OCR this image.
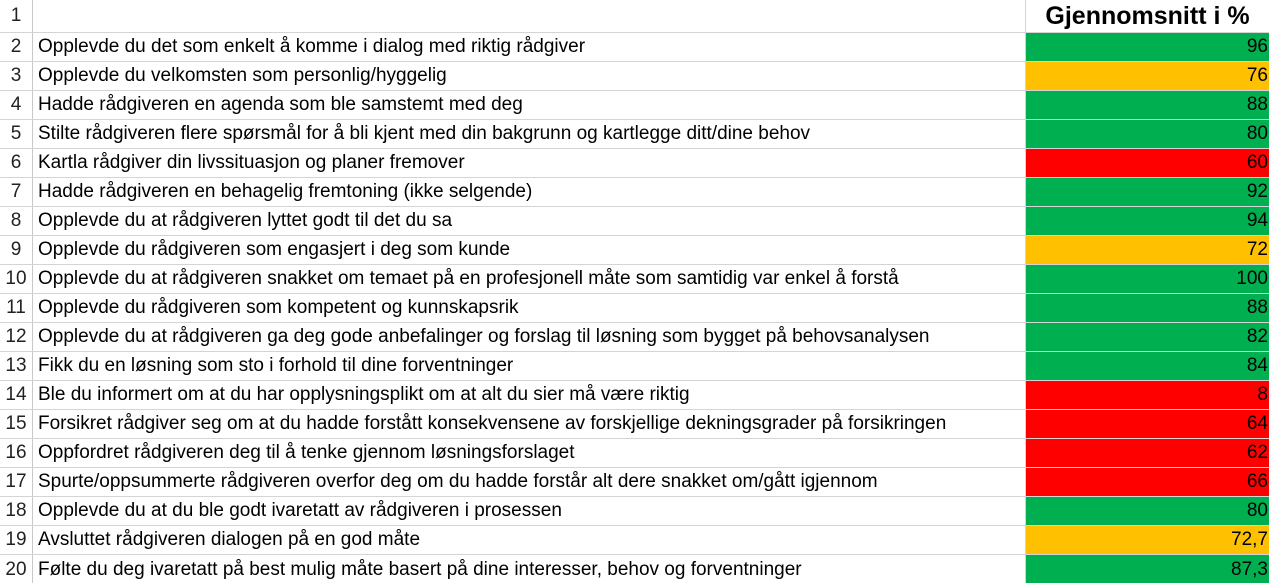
1	Gjennomsnitt i %
2 Opplevde du det som enkelt å komme i dialog med riktig rådgiver	96
3 Opplevde du velkomsten som personlig/hyggelig	76
4 Hadde rådgiveren en agenda som ble samstemt med deg	88
5 Stilte rådgiveren flere spørsmål for å bli kjent med din bakgrunn og kartlegge ditt/dine behov	80
6 Kartla rådgiver din livssituasjon og planer fremover	60
7 Hadde rådgiveren en behagelig fremtoning (ikke selgende)	92
8 Opplevde du at rådgiveren lyttet godt til det du sa	94
9 Opplevde du rådgiveren som engasjert i deg som kunde	72
10 Opplevde du at rådgiveren snakket om temaet på en profesjonell måte som samtidig var enkel å forstå	100
11 Opplevde du rådgiveren som kompetent og kunnskapsrik	88
12 Opplevde du at rådgiveren ga deg gode anbefalinger og forslag til løsning som bygget på behovsanalysen	82
13 Fikk du en løsning som sto i forhold til dine forventninger	84
14 Ble du informert om at du har opplysningsplikt om at alt du sier må være riktig	8
15 Forsikret rådgiver seg om at du hadde forstått konsekvensene av forskjellige dekningsgrader på forsikringen	64
16 Oppfordret rådgiveren deg til å tenke gjennom løsningsforslaget	62
17 Spurte/oppsummerte rådgiveren overfor deg om du hadde forstår alt dere snakket om/gått igjennom	66
18 Opplevde du at du ble godt ivaretatt av rådgiveren i prosessen	80
19 Avsluttet rådgiveren dialogen på en god måte	72,7
20 Følte du deg ivaretatt på best mulig måte basert på dine interesser, behov og forventninger	87,3
